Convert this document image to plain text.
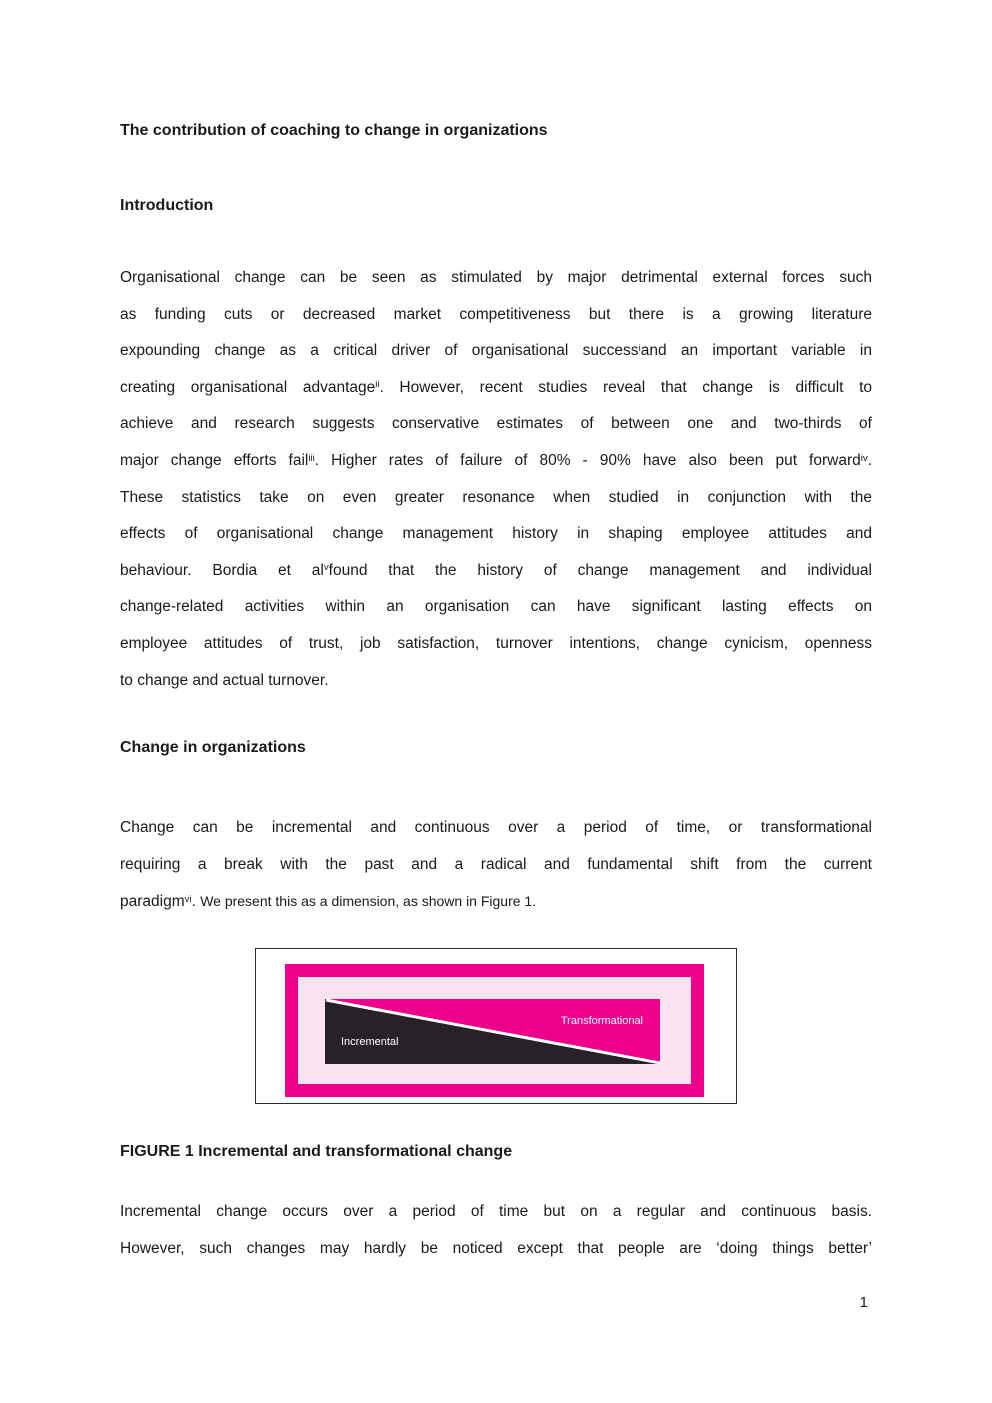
The contribution of coaching to change in organizations
Introduction
Organisational change can be seen as stimulated by major detrimental external forces such
as funding cuts or decreased market competitiveness but there is a growing literature
expounding change as a critical driver of organisational success$^i$and an important variable in
creating organisational advantage$^{ii}$. However, recent studies reveal that change is difficult to
achieve and research suggests conservative estimates of between one and two-thirds of
major change efforts fail$^{iii}$. Higher rates of failure of 80% - 90% have also been put forward$^{iv}$.
These statistics take on even greater resonance when studied in conjunction with the
effects of organisational change management history in shaping employee attitudes and
behaviour. Bordia et $al^vfound$ that the history of change management and individual
change-related activities within an organisation can have significant lasting effects on
employee attitudes of trust, job satisfaction, turnover intentions, change cynicism, openness
to change and actual turnover.
Change in organizations
Change can be incremental and continuous over a period of time, or transformational
requiring a break with the past and a radical and fundamental shift from the current
paradigm$^{vi}$. We present this as a dimension, as shown in Figure 1.
Incremental
Transformational
FIGURE 1 Incremental and transformational change
Incremental change occurs over a period of time but on a regular and continuous basis.
However, such changes may hardly be noticed except that people are ‘doing things better’
1
